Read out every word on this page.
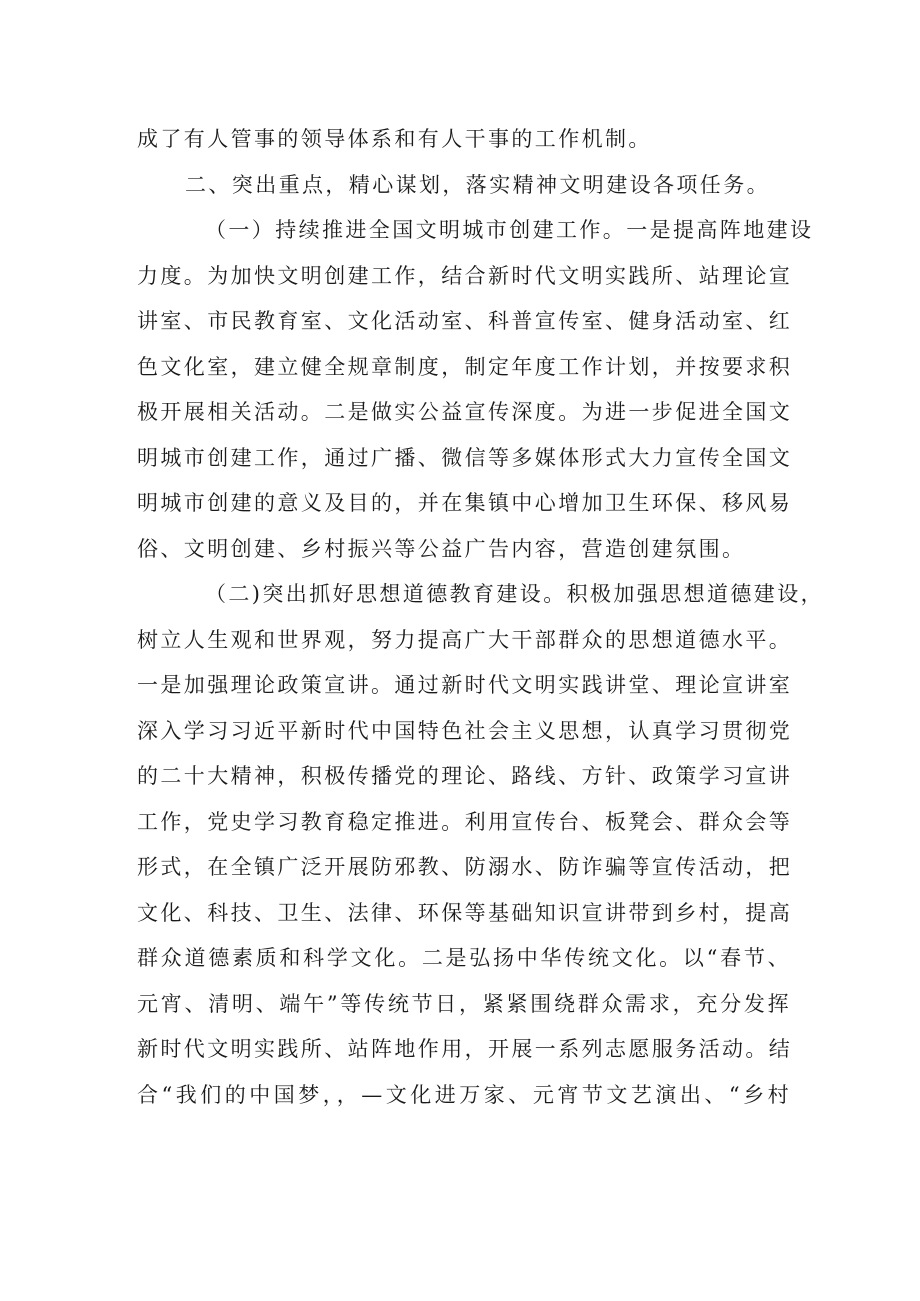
成了有人管事的领导体系和有人干事的工作机制。
二、突出重点，精心谋划，落实精神文明建设各项任务。
（一）持续推进全国文明城市创建工作。一是提高阵地建设
力度。为加快文明创建工作，结合新时代文明实践所、站理论宣
讲室、市民教育室、文化活动室、科普宣传室、健身活动室、红
色文化室，建立健全规章制度，制定年度工作计划，并按要求积
极开展相关活动。二是做实公益宣传深度。为进一步促进全国文
明城市创建工作，通过广播、微信等多媒体形式大力宣传全国文
明城市创建的意义及目的，并在集镇中心增加卫生环保、移风易
俗、文明创建、乡村振兴等公益广告内容，营造创建氛围。
（二)突出抓好思想道德教育建设。积极加强思想道德建设，
树立人生观和世界观，努力提高广大干部群众的思想道德水平。
一是加强理论政策宣讲。通过新时代文明实践讲堂、理论宣讲室
深入学习习近平新时代中国特色社会主义思想，认真学习贯彻党
的二十大精神，积极传播党的理论、路线、方针、政策学习宣讲
工作，党史学习教育稳定推进。利用宣传台、板凳会、群众会等
形式，在全镇广泛开展防邪教、防溺水、防诈骗等宣传活动，把
文化、科技、卫生、法律、环保等基础知识宣讲带到乡村，提高
群众道德素质和科学文化。二是弘扬中华传统文化。以“春节、
元宵、清明、端午”等传统节日，紧紧围绕群众需求，充分发挥
新时代文明实践所、站阵地作用，开展一系列志愿服务活动。结
合“我们的中国梦，，—文化进万家、元宵节文艺演出、“乡村
